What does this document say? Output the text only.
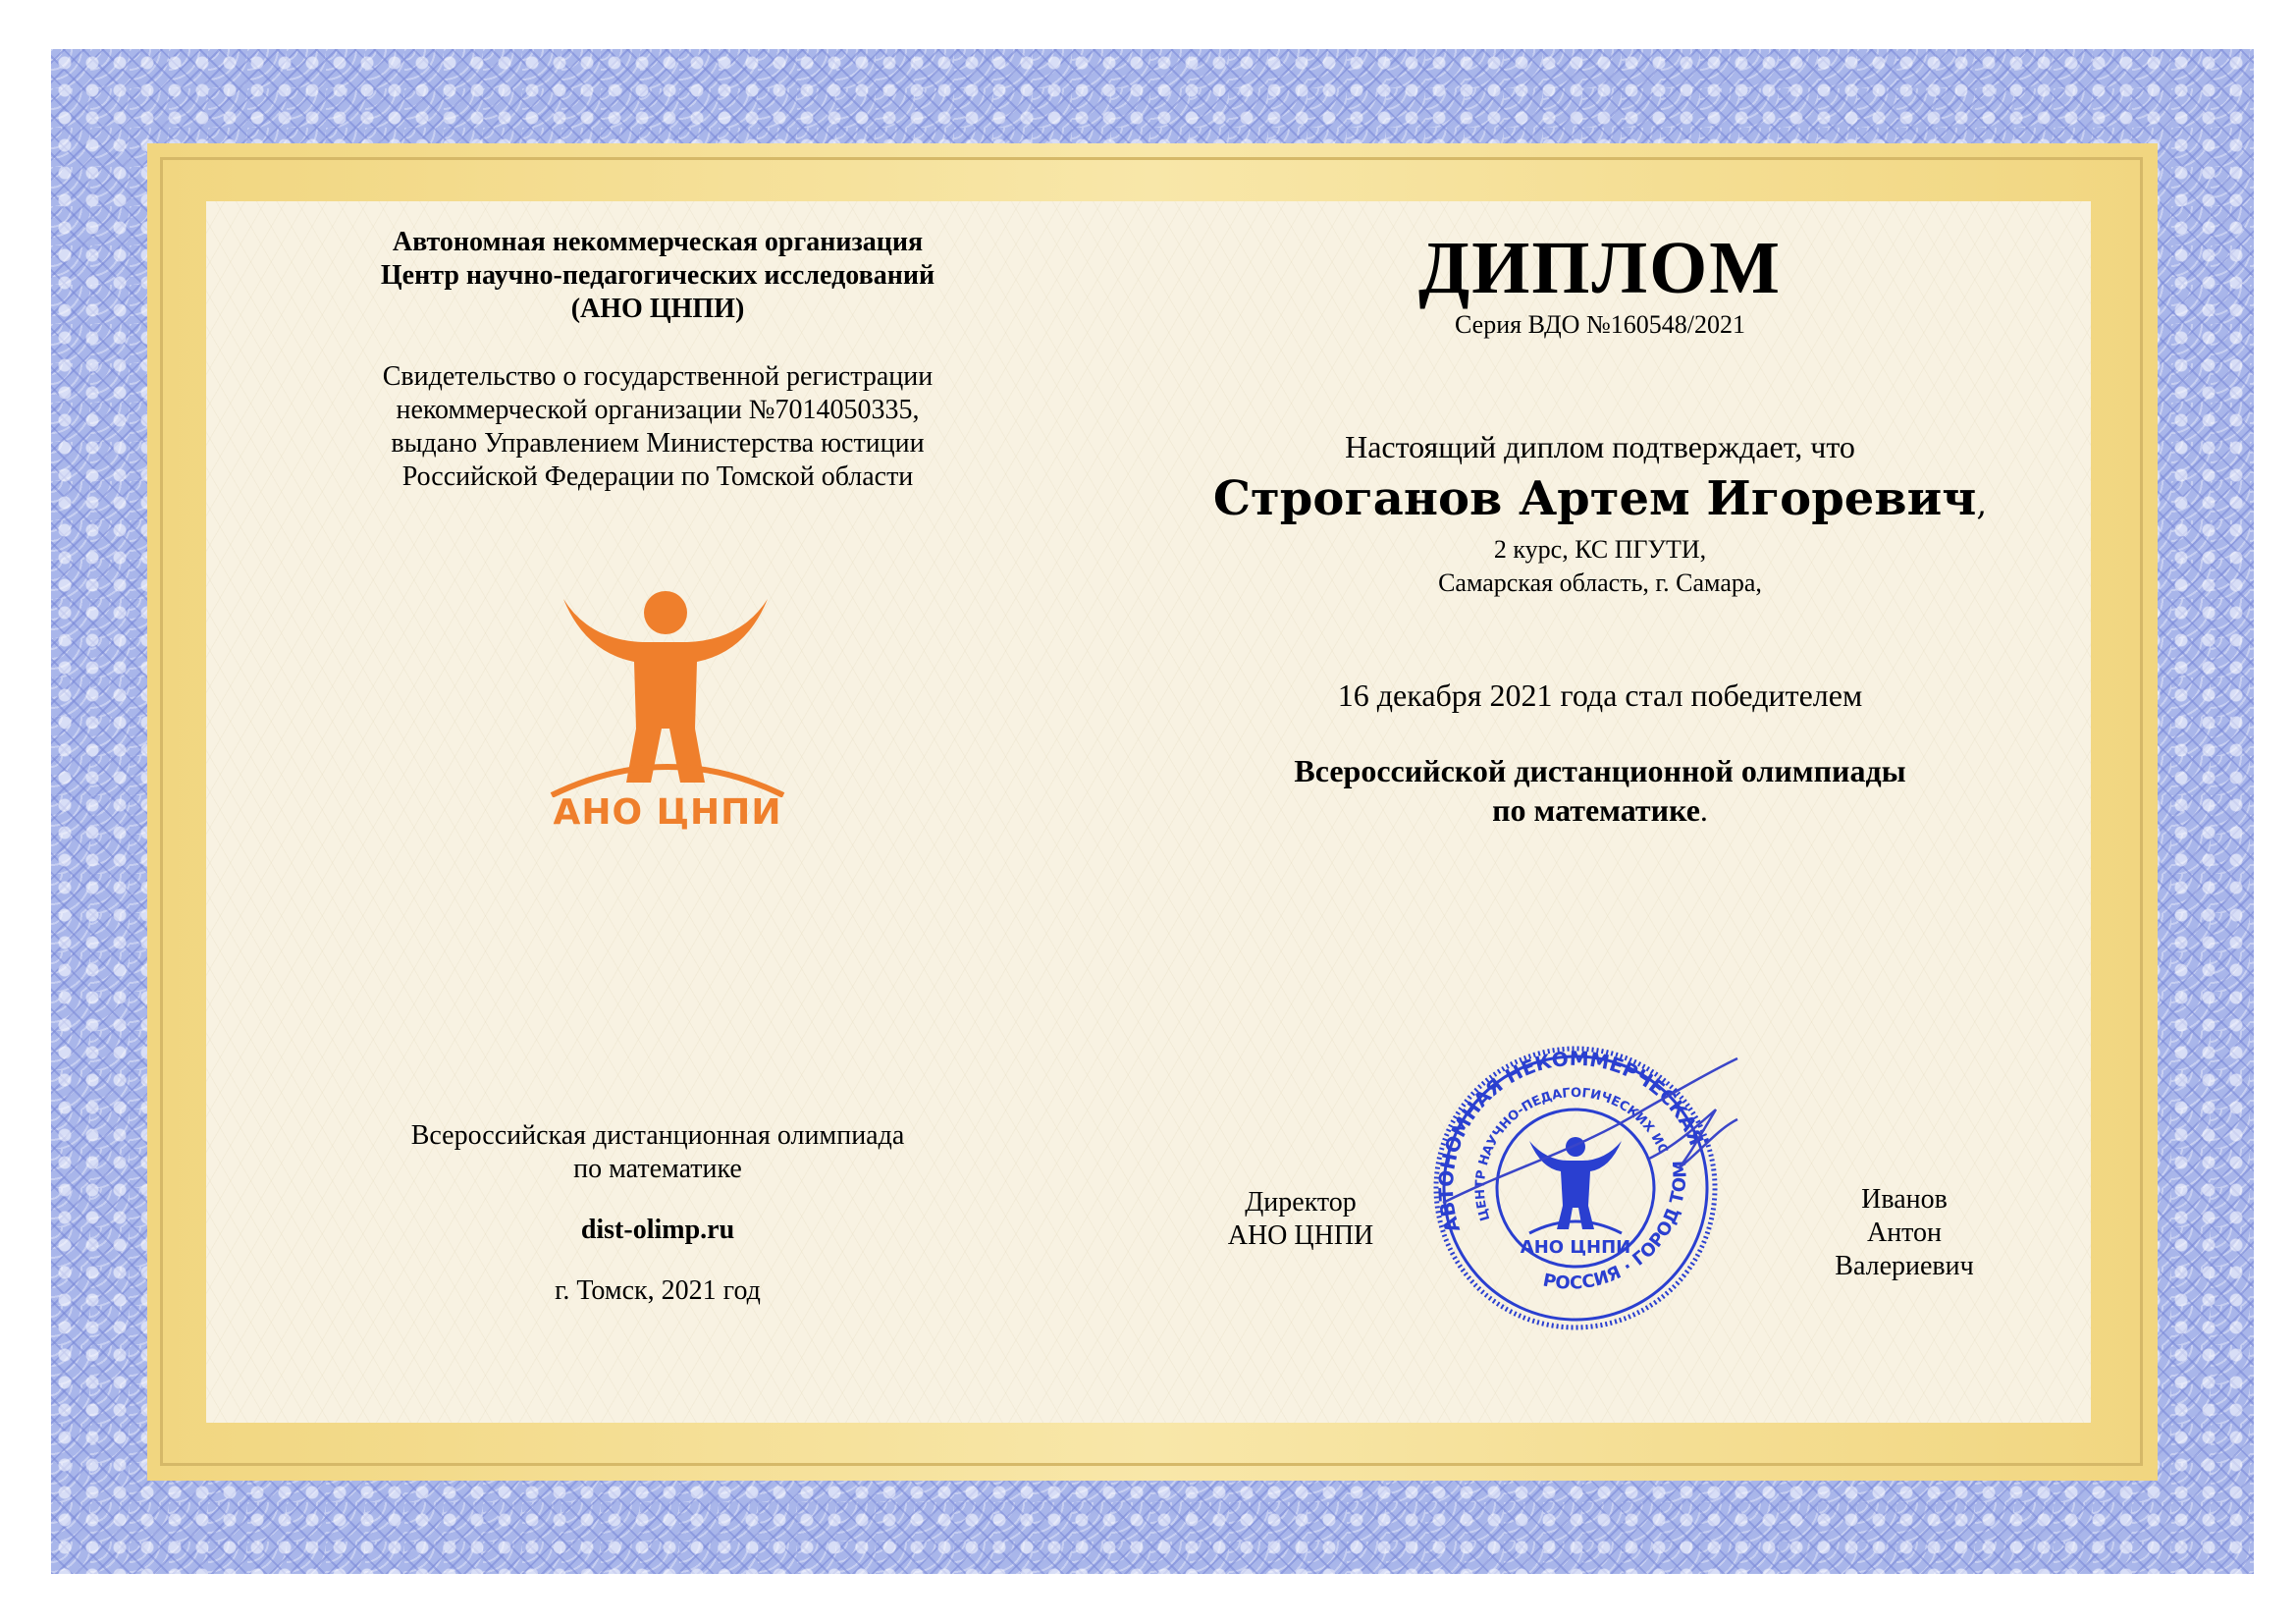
Автономная некоммерческая организация
Центр научно-педагогических исследований
(АНО ЦНПИ)
Свидетельство о государственной регистрации
некоммерческой организации №7014050335,
выдано Управлением Министерства юстиции
Российской Федерации по Томской области
АНО ЦНПИ
Всероссийская дистанционная олимпиада
по математике
dist-olimp.ru
г. Томск, 2021 год
ДИПЛОМ
Серия ВДО №160548/2021
Настоящий диплом подтверждает, что
Строганов Артем Игоревич,
2 курс, КС ПГУТИ,
Самарская область, г. Самара,
16 декабря 2021 года стал победителем
Всероссийской дистанционной олимпиады
по математике.
Директор
АНО ЦНПИ	АВТОНОМНАЯ НЕКОММЕРЧЕСКАЯ
ЦЕНТР НАУЧНО-ПЕДАГОГИЧЕСКИХ ИССЛЕДОВАНИЙ
РОССИЯ · ГОРОД ТОМСК
АНО ЦНПИ
Иванов
Антон
Валериевич
